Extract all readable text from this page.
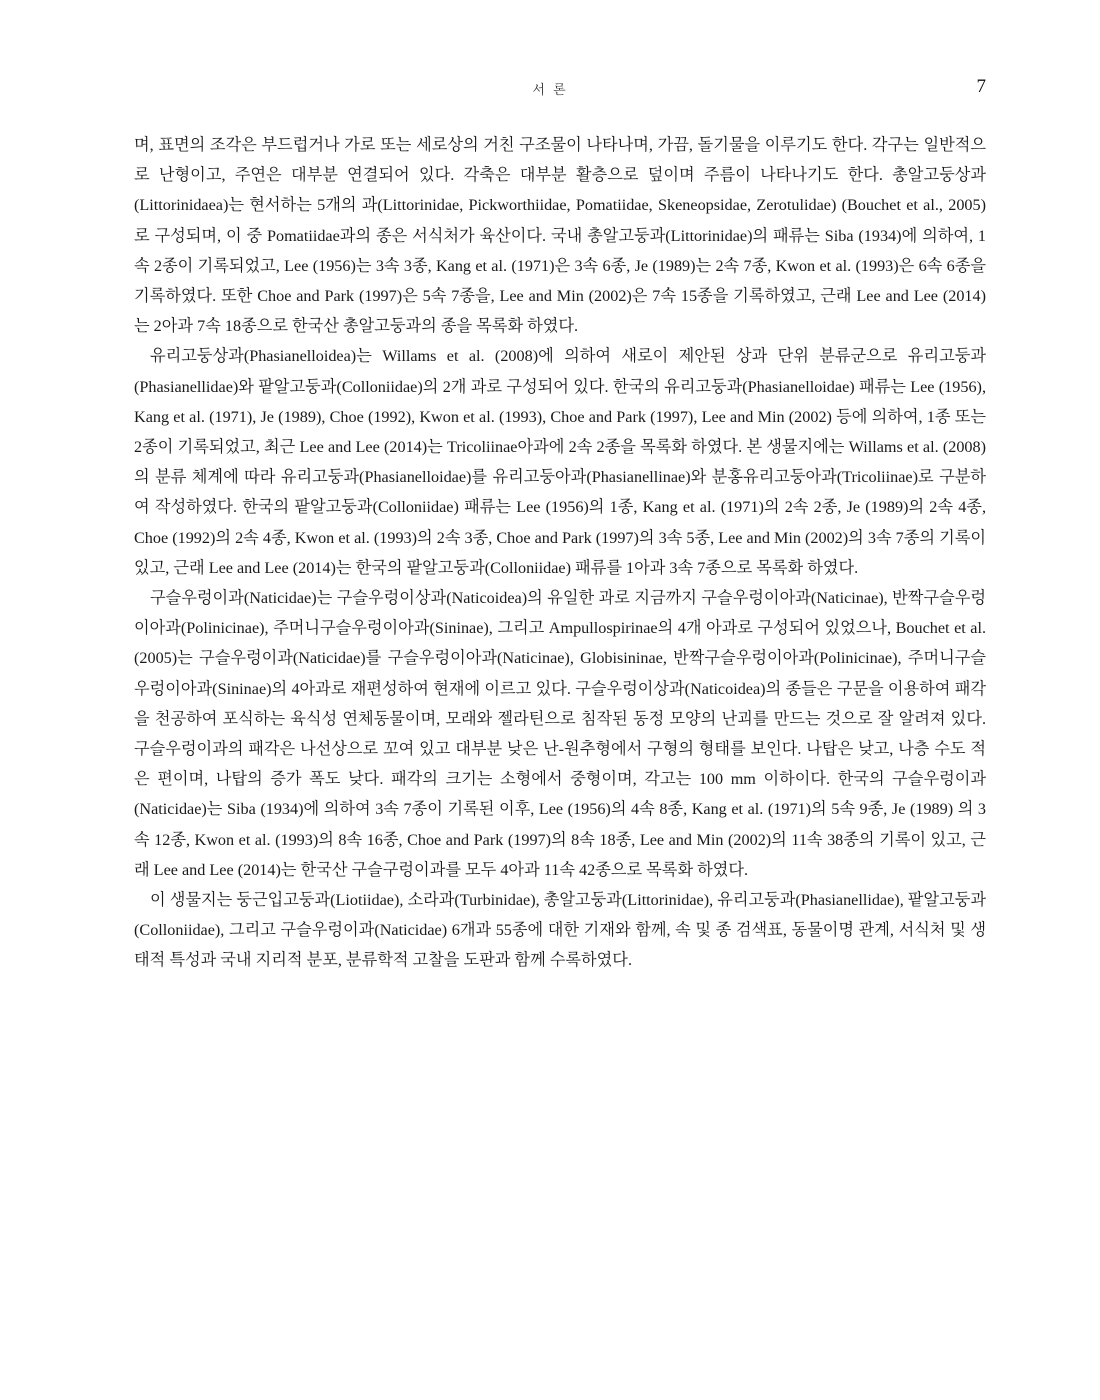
서 론	7

며, 표면의 조각은 부드럽거나 가로 또는 세로상의 거친 구조물이 나타나며, 가끔, 돌기물을 이루기도 한다. 각구는 일반적으로 난형이고, 주연은 대부분 연결되어 있다. 각축은 대부분 활층으로 덮이며 주름이 나타나기도 한다. 총알고둥상과(Littorinidaea)는 현서하는 5개의 과(Littorinidae, Pickworthiidae, Pomatiidae, Skeneopsidae, Zerotulidae) (Bouchet et al., 2005)로 구성되며, 이 중 Pomatiidae과의 종은 서식처가 육산이다. 국내 총알고둥과(Littorinidae)의 패류는 Siba (1934)에 의하여, 1속 2종이 기록되었고, Lee (1956)는 3속 3종, Kang et al. (1971)은 3속 6종, Je (1989)는 2속 7종, Kwon et al. (1993)은 6속 6종을 기록하였다. 또한 Choe and Park (1997)은 5속 7종을, Lee and Min (2002)은 7속 15종을 기록하였고, 근래 Lee and Lee (2014)는 2아과 7속 18종으로 한국산 총알고둥과의 종을 목록화 하였다.

유리고둥상과(Phasianelloidea)는 Willams et al. (2008)에 의하여 새로이 제안된 상과 단위 분류군으로 유리고둥과(Phasianellidae)와 팥알고둥과(Colloniidae)의 2개 과로 구성되어 있다. 한국의 유리고둥과(Phasianelloidae) 패류는 Lee (1956), Kang et al. (1971), Je (1989), Choe (1992), Kwon et al. (1993), Choe and Park (1997), Lee and Min (2002) 등에 의하여, 1종 또는 2종이 기록되었고, 최근 Lee and Lee (2014)는 Tricoliinae아과에 2속 2종을 목록화 하였다. 본 생물지에는 Willams et al. (2008)의 분류 체계에 따라 유리고둥과(Phasianelloidae)를 유리고둥아과(Phasianellinae)와 분홍유리고둥아과(Tricoliinae)로 구분하여 작성하였다. 한국의 팥알고둥과(Colloniidae) 패류는 Lee (1956)의 1종, Kang et al. (1971)의 2속 2종, Je (1989)의 2속 4종, Choe (1992)의 2속 4종, Kwon et al. (1993)의 2속 3종, Choe and Park (1997)의 3속 5종, Lee and Min (2002)의 3속 7종의 기록이 있고, 근래 Lee and Lee (2014)는 한국의 팥알고둥과(Colloniidae) 패류를 1아과 3속 7종으로 목록화 하였다.

구슬우렁이과(Naticidae)는 구슬우렁이상과(Naticoidea)의 유일한 과로 지금까지 구슬우렁이아과(Naticinae), 반짝구슬우렁이아과(Polinicinae), 주머니구슬우렁이아과(Sininae), 그리고 Ampullospirinae의 4개 아과로 구성되어 있었으나, Bouchet et al. (2005)는 구슬우렁이과(Naticidae)를 구슬우렁이아과(Naticinae), Globisininae, 반짝구슬우렁이아과(Polinicinae), 주머니구슬우렁이아과(Sininae)의 4아과로 재편성하여 현재에 이르고 있다. 구슬우렁이상과(Naticoidea)의 종들은 구문을 이용하여 패각을 천공하여 포식하는 육식성 연체동물이며, 모래와 젤라틴으로 침작된 동정 모양의 난괴를 만드는 것으로 잘 알려져 있다. 구슬우렁이과의 패각은 나선상으로 꼬여 있고 대부분 낮은 난-원추형에서 구형의 형태를 보인다. 나탑은 낮고, 나층 수도 적은 편이며, 나탑의 증가 폭도 낮다. 패각의 크기는 소형에서 중형이며, 각고는 100 mm 이하이다. 한국의 구슬우렁이과(Naticidae)는 Siba (1934)에 의하여 3속 7종이 기록된 이후, Lee (1956)의 4속 8종, Kang et al. (1971)의 5속 9종, Je (1989) 의 3속 12종, Kwon et al. (1993)의 8속 16종, Choe and Park (1997)의 8속 18종, Lee and Min (2002)의 11속 38종의 기록이 있고, 근래 Lee and Lee (2014)는 한국산 구슬구렁이과를 모두 4아과 11속 42종으로 목록화 하였다.

이 생물지는 둥근입고둥과(Liotiidae), 소라과(Turbinidae), 총알고둥과(Littorinidae), 유리고둥과(Phasianellidae), 팥알고둥과(Colloniidae), 그리고 구슬우렁이과(Naticidae) 6개과 55종에 대한 기재와 함께, 속 및 종 검색표, 동물이명 관계, 서식처 및 생태적 특성과 국내 지리적 분포, 분류학적 고찰을 도판과 함께 수록하였다.
